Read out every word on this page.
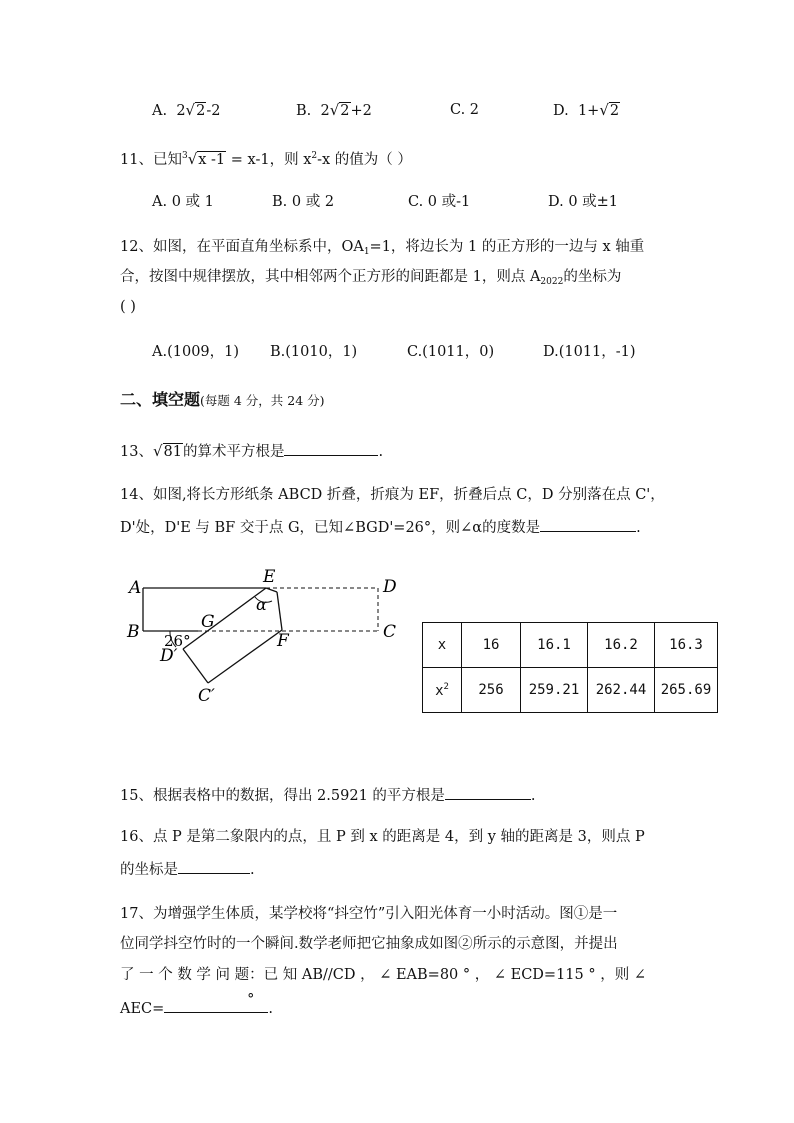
A. 2√2-2	B. 2√2+2	C. 2	D. 1+√2
11、已知$^3$√x -1 = x-1，则 $x^2-x$ 的值为（ ）
A. 0 或 1	B. 0 或 2	C. 0 或-1	D. 0 或±1
12、如图，在平面直角坐标系中，$OA_1=1$，将边长为 1 的正方形的一边与 x 轴重
合，按图中规律摆放，其中相邻两个正方形的间距都是 1，则点 $A_{2022}$的坐标为
( )
A.(1009，1) B.(1010，1)	C.(1011，0)	D.(1011，-1)
二、填空题(每题 4 分，共 24 分)
13、√81的算术平方根是	.
14、如图,将长方形纸条 ABCD 折叠，折痕为 EF，折叠后点 C，D 分别落在点 C'，
D'处，D'E 与 BF 交于点 G，已知∠BGD'=26°，则∠α的度数是	.
A
B
E	D
C
G
F
α
26°
D′
C′
x	16	16.1	16.2	16.3
$x^2$	256	259.21	262.44	265.69
15、根据表格中的数据，得出 2.5921 的平方根是	.
16、点 P 是第二象限内的点，且 P 到 x 的距离是 4，到 y 轴的距离是 3，则点 P
的坐标是	.
17、为增强学生体质，某学校将“抖空竹”引入阳光体育一小时活动。图①是一
位同学抖空竹时的一个瞬间.数学老师把它抽象成如图②所示的示意图，并提出
了 一 个 数 学 问 题：已 知 AB//CD ， ∠ EAB=80 ° ， ∠ ECD=115 ° ，则 ∠
AEC=
°
.
